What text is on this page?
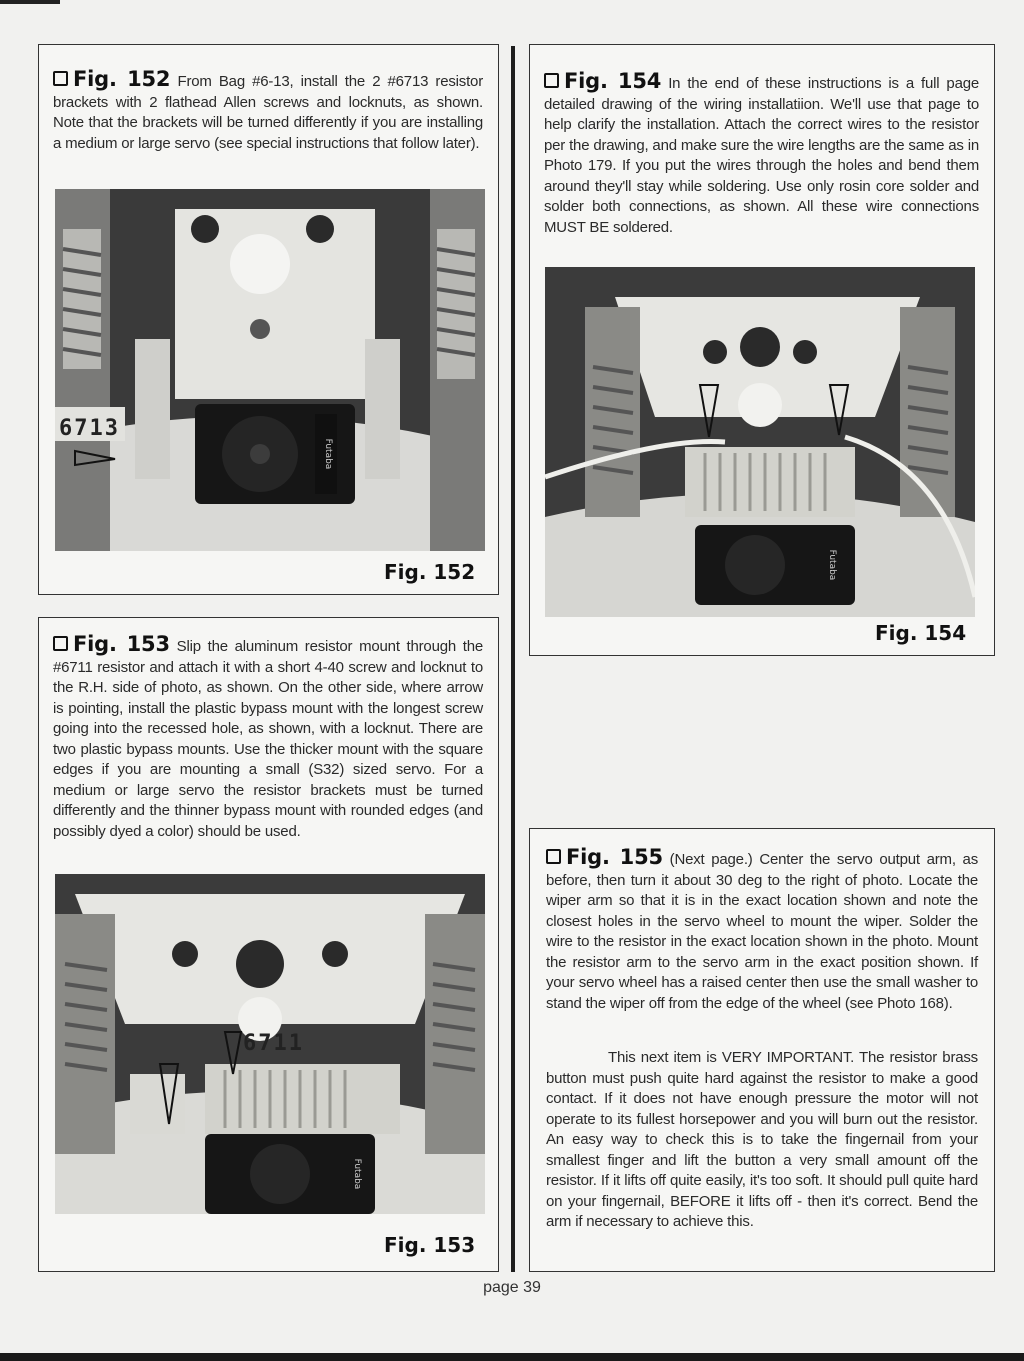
Fig. 152 From Bag #6-13, install the 2 #6713 resistor brackets with 2 flathead Allen screws and locknuts, as shown. Note that the brackets will be turned differently if you are installing a medium or large servo (see special instructions that follow later).

Futaba
6713
Fig. 152

Fig. 153 Slip the aluminum resistor mount through the #6711 resistor and attach it with a short 4-40 screw and locknut to the R.H. side of photo, as shown. On the other side, where arrow is pointing, install the plastic bypass mount with the longest screw going into the recessed hole, as shown, with a locknut. There are two plastic bypass mounts. Use the thicker mount with the square edges if you are mounting a small (S32) sized servo. For a medium or large servo the resistor brackets must be turned differently and the thinner bypass mount with rounded edges (and possibly dyed a color) should be used.

Futaba
6711
Fig. 153

Fig. 154 In the end of these instructions is a full page detailed drawing of the wiring installatiion. We'll use that page to help clarify the installation. Attach the correct wires to the resistor per the drawing, and make sure the wire lengths are the same as in Photo 179. If you put the wires through the holes and bend them around they'll stay while soldering. Use only rosin core solder and solder both connections, as shown. All these wire connections MUST BE soldered.

Futaba
Fig. 154

Fig. 155 (Next page.) Center the servo output arm, as before, then turn it about 30 deg to the right of photo. Locate the wiper arm so that it is in the exact location shown and note the closest holes in the servo wheel to mount the wiper. Solder the wire to the resistor in the exact location shown in the photo. Mount the resistor arm to the servo arm in the exact position shown. If your servo wheel has a raised center then use the small washer to stand the wiper off from the edge of the wheel (see Photo 168).

This next item is VERY IMPORTANT. The resistor brass button must push quite hard against the resistor to make a good contact. If it does not have enough pressure the motor will not operate to its fullest horsepower and you will burn out the resistor. An easy way to check this is to take the fingernail from your smallest finger and lift the button a very small amount off the resistor. If it lifts off quite easily, it's too soft. It should pull quite hard on your fingernail, BEFORE it lifts off - then it's correct. Bend the arm if necessary to achieve this.

page 39
